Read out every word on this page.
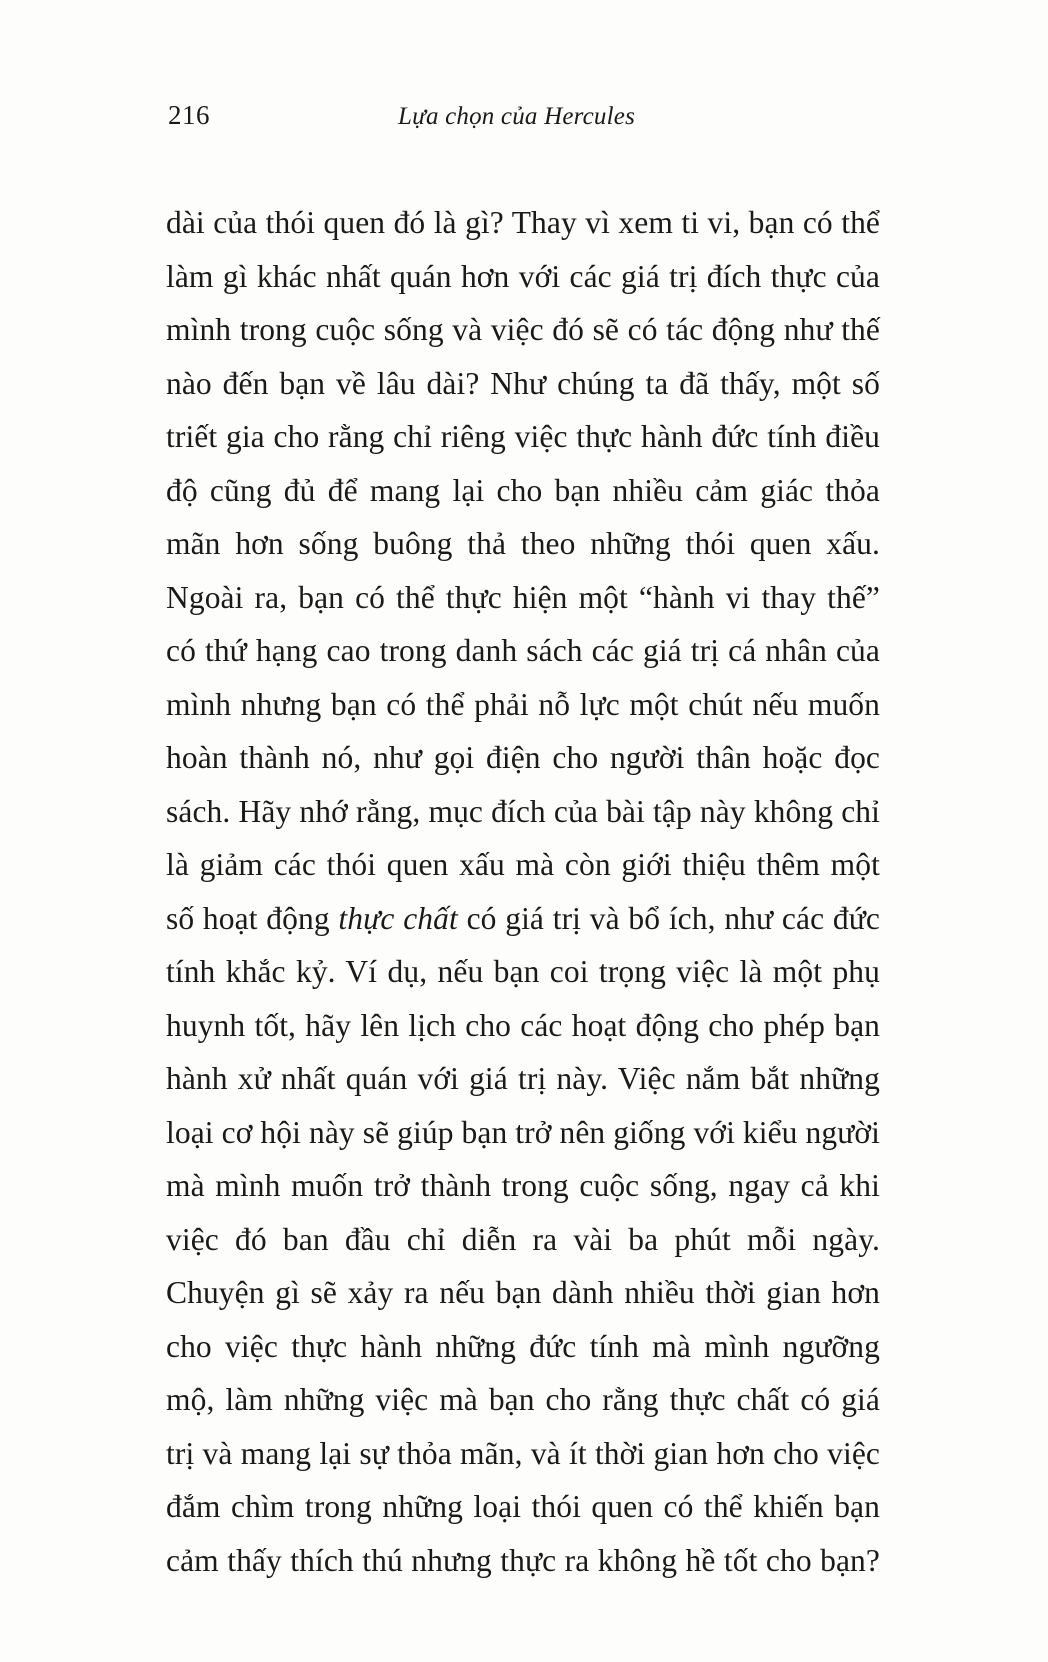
216	Lựa chọn của Hercules

dài của thói quen đó là gì? Thay vì xem ti vi, bạn có thể làm gì khác nhất quán hơn với các giá trị đích thực của mình trong cuộc sống và việc đó sẽ có tác động như thế nào đến bạn về lâu dài? Như chúng ta đã thấy, một số triết gia cho rằng chỉ riêng việc thực hành đức tính điều độ cũng đủ để mang lại cho bạn nhiều cảm giác thỏa mãn hơn sống buông thả theo những thói quen xấu. Ngoài ra, bạn có thể thực hiện một “hành vi thay thế” có thứ hạng cao trong danh sách các giá trị cá nhân của mình nhưng bạn có thể phải nỗ lực một chút nếu muốn hoàn thành nó, như gọi điện cho người thân hoặc đọc sách. Hãy nhớ rằng, mục đích của bài tập này không chỉ là giảm các thói quen xấu mà còn giới thiệu thêm một số hoạt động thực chất có giá trị và bổ ích, như các đức tính khắc kỷ. Ví dụ, nếu bạn coi trọng việc là một phụ huynh tốt, hãy lên lịch cho các hoạt động cho phép bạn hành xử nhất quán với giá trị này. Việc nắm bắt những loại cơ hội này sẽ giúp bạn trở nên giống với kiểu người mà mình muốn trở thành trong cuộc sống, ngay cả khi việc đó ban đầu chỉ diễn ra vài ba phút mỗi ngày. Chuyện gì sẽ xảy ra nếu bạn dành nhiều thời gian hơn cho việc thực hành những đức tính mà mình ngưỡng mộ, làm những việc mà bạn cho rằng thực chất có giá trị và mang lại sự thỏa mãn, và ít thời gian hơn cho việc đắm chìm trong những loại thói quen có thể khiến bạn cảm thấy thích thú nhưng thực ra không hề tốt cho bạn?
